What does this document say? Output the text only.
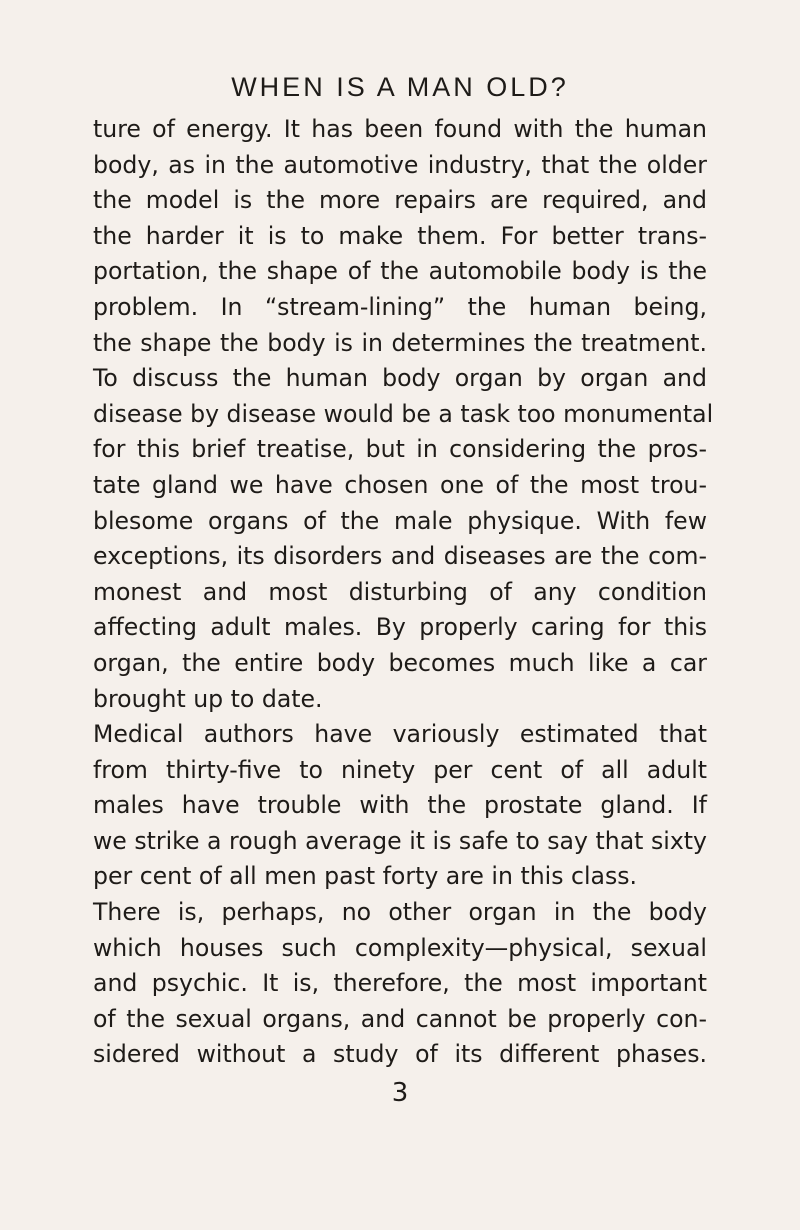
WHEN IS A MAN OLD?
ture of energy. It has been found with the human
body, as in the automotive industry, that the older
the model is the more repairs are required, and
the harder it is to make them. For better trans-
portation, the shape of the automobile body is the
problem. In “stream-lining” the human being,
the shape the body is in determines the treatment.
To discuss the human body organ by organ and
disease by disease would be a task too monumental
for this brief treatise, but in considering the pros-
tate gland we have chosen one of the most trou-
blesome organs of the male physique. With few
exceptions, its disorders and diseases are the com-
monest and most disturbing of any condition
affecting adult males. By properly caring for this
organ, the entire body becomes much like a car
brought up to date.
Medical authors have variously estimated that
from thirty-five to ninety per cent of all adult
males have trouble with the prostate gland. If
we strike a rough average it is safe to say that sixty
per cent of all men past forty are in this class.
There is, perhaps, no other organ in the body
which houses such complexity—physical, sexual
and psychic. It is, therefore, the most important
of the sexual organs, and cannot be properly con-
sidered without a study of its different phases.
3
